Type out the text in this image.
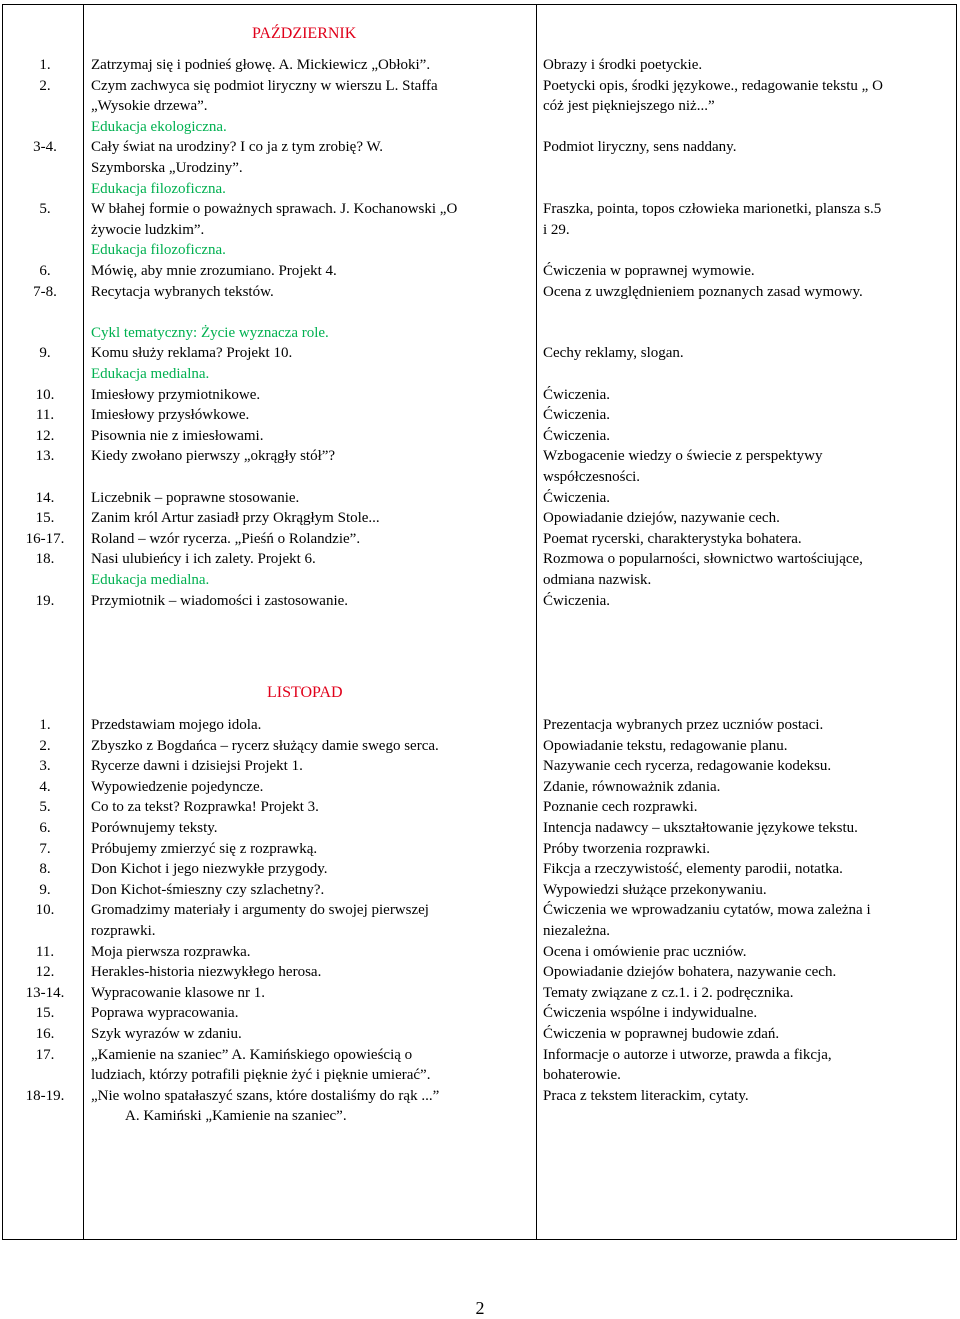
PAŹDZIERNIK
1.
2.
3-4.
5.
6.
7-8.
9.
10.
11.
12.
13.
14.
15.
16-17.
18.
19.
Zatrzymaj się i podnieś głowę. A. Mickiewicz „Obłoki”.
Czym zachwyca się podmiot liryczny w wierszu L. Staffa
„Wysokie drzewa”.
Edukacja ekologiczna.
Cały świat na urodziny? I co ja z tym zrobię? W.
Szymborska „Urodziny”.
Edukacja filozoficzna.
W błahej formie o poważnych sprawach. J. Kochanowski „O
żywocie ludzkim”.
Edukacja filozoficzna.
Mówię, aby mnie zrozumiano. Projekt 4.
Recytacja wybranych tekstów.
Cykl tematyczny: Życie wyznacza role.
Komu służy reklama? Projekt 10.
Edukacja medialna.
Imiesłowy przymiotnikowe.
Imiesłowy przysłówkowe.
Pisownia nie z imiesłowami.
Kiedy zwołano pierwszy „okrągły stół”?
Liczebnik – poprawne stosowanie.
Zanim król Artur zasiadł przy Okrągłym Stole...
Roland – wzór rycerza. „Pieśń o Rolandzie”.
Nasi ulubieńcy i ich zalety. Projekt 6.
Edukacja medialna.
Przymiotnik – wiadomości i zastosowanie.
Obrazy i środki poetyckie.
Poetycki opis, środki językowe., redagowanie tekstu „ O
cóż jest piękniejszego niż...”
Podmiot liryczny, sens naddany.
Fraszka, pointa, topos człowieka marionetki, plansza s.5
i 29.
Ćwiczenia w poprawnej wymowie.
Ocena z uwzględnieniem poznanych zasad wymowy.
Cechy reklamy, slogan.
Ćwiczenia.
Ćwiczenia.
Ćwiczenia.
Wzbogacenie wiedzy o świecie z perspektywy
współczesności.
Ćwiczenia.
Opowiadanie dziejów, nazywanie cech.
Poemat rycerski, charakterystyka bohatera.
Rozmowa o popularności, słownictwo wartościujące,
odmiana nazwisk.
Ćwiczenia.
LISTOPAD
1.
2.
3.
4.
5.
6.
7.
8.
9.
10.
11.
12.
13-14.
15.
16.
17.
18-19.
Przedstawiam mojego idola.
Zbyszko z Bogdańca – rycerz służący damie swego serca.
Rycerze dawni i dzisiejsi Projekt 1.
Wypowiedzenie pojedyncze.
Co to za tekst? Rozprawka! Projekt 3.
Porównujemy teksty.
Próbujemy zmierzyć się z rozprawką.
Don Kichot i jego niezwykłe przygody.
Don Kichot-śmieszny czy szlachetny?.
Gromadzimy materiały i argumenty do swojej pierwszej
rozprawki.
Moja pierwsza rozprawka.
Herakles-historia niezwykłego herosa.
Wypracowanie klasowe nr 1.
Poprawa wypracowania.
Szyk wyrazów w zdaniu.
„Kamienie na szaniec” A. Kamińskiego opowieścią o
ludziach, którzy potrafili pięknie żyć i pięknie umierać”.
„Nie wolno spatałaszyć szans, które dostaliśmy do rąk ...”
A. Kamiński „Kamienie na szaniec”.
Prezentacja wybranych przez uczniów postaci.
Opowiadanie tekstu, redagowanie planu.
Nazywanie cech rycerza, redagowanie kodeksu.
Zdanie, równoważnik zdania.
Poznanie cech rozprawki.
Intencja nadawcy – ukształtowanie językowe tekstu.
Próby tworzenia rozprawki.
Fikcja a rzeczywistość, elementy parodii, notatka.
Wypowiedzi służące przekonywaniu.
Ćwiczenia we wprowadzaniu cytatów, mowa zależna i
niezależna.
Ocena i omówienie prac uczniów.
Opowiadanie dziejów bohatera, nazywanie cech.
Tematy związane z cz.1. i 2. podręcznika.
Ćwiczenia wspólne i indywidualne.
Ćwiczenia w poprawnej budowie zdań.
Informacje o autorze i utworze, prawda a fikcja,
bohaterowie.
Praca z tekstem literackim, cytaty.
2
